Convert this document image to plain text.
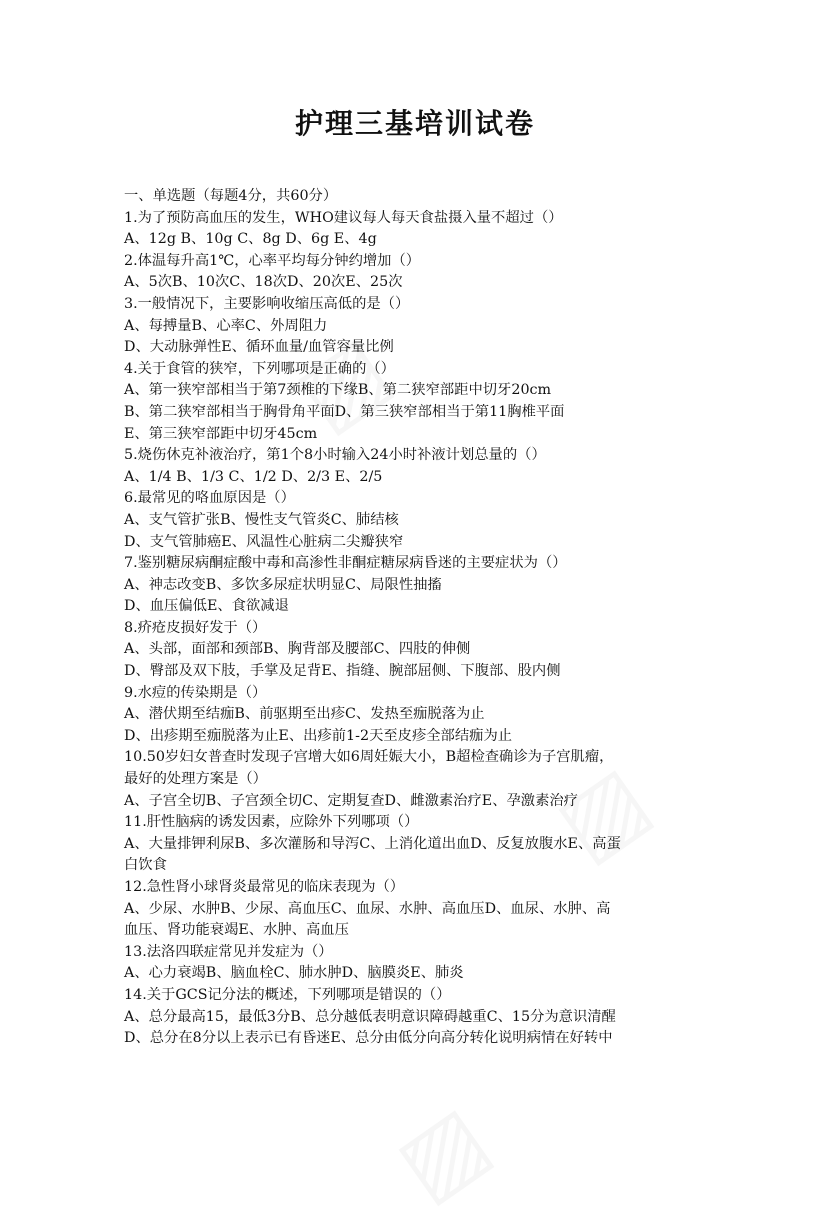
护理三基培训试卷
一、单选题（每题4分，共60分）
1.为了预防高血压的发生，WHO建议每人每天食盐摄入量不超过（）
A、12g B、10g C、8g D、6g E、4g
2.体温每升高1℃，心率平均每分钟约增加（）
A、5次B、10次C、18次D、20次E、25次
3.一般情况下，主要影响收缩压高低的是（）
A、每搏量B、心率C、外周阻力
D、大动脉弹性E、循环血量/血管容量比例
4.关于食管的狭窄，下列哪项是正确的（）
A、第一狭窄部相当于第7颈椎的下缘B、第二狭窄部距中切牙20cm
B、第二狭窄部相当于胸骨角平面D、第三狭窄部相当于第11胸椎平面
E、第三狭窄部距中切牙45cm
5.烧伤休克补液治疗，第1个8小时输入24小时补液计划总量的（）
A、1/4 B、1/3 C、1/2 D、2/3 E、2/5
6.最常见的咯血原因是（）
A、支气管扩张B、慢性支气管炎C、肺结核
D、支气管肺癌E、风温性心脏病二尖瓣狭窄
7.鉴别糖尿病酮症酸中毒和高渗性非酮症糖尿病昏迷的主要症状为（）
A、神志改变B、多饮多尿症状明显C、局限性抽搐
D、血压偏低E、食欲减退
8.疥疮皮损好发于（）
A、头部，面部和颈部B、胸背部及腰部C、四肢的伸侧
D、臀部及双下肢，手掌及足背E、指缝、腕部屈侧、下腹部、股内侧
9.水痘的传染期是（）
A、潜伏期至结痂B、前驱期至出疹C、发热至痂脱落为止
D、出疹期至痂脱落为止E、出疹前1-2天至皮疹全部结痂为止
10.50岁妇女普查时发现子宫增大如6周妊娠大小，B超检查确诊为子宫肌瘤，
最好的处理方案是（）
A、子宫全切B、子宫颈全切C、定期复查D、雌激素治疗E、孕激素治疗
11.肝性脑病的诱发因素，应除外下列哪项（）
A、大量排钾利尿B、多次灌肠和导泻C、上消化道出血D、反复放腹水E、高蛋
白饮食
12.急性肾小球肾炎最常见的临床表现为（）
A、少尿、水肿B、少尿、高血压C、血尿、水肿、高血压D、血尿、水肿、高
血压、肾功能衰竭E、水肿、高血压
13.法洛四联症常见并发症为（）
A、心力衰竭B、脑血栓C、肺水肿D、脑膜炎E、肺炎
14.关于GCS记分法的概述，下列哪项是错误的（）
A、总分最高15，最低3分B、总分越低表明意识障碍越重C、15分为意识清醒
D、总分在8分以上表示已有昏迷E、总分由低分向高分转化说明病情在好转中
